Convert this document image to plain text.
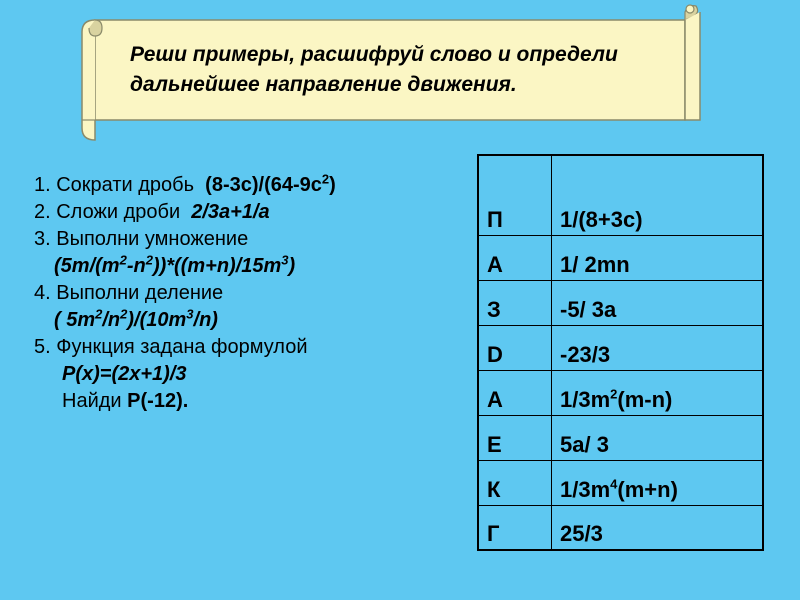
Реши примеры, расшифруй слово и определи
дальнейшее направление движения.
1. Сократи дробь $(8-3c)/(64-9c^2)$
2. Сложи дроби 2/3a+1/a
3. Выполни умножение
$(5m/(m^2-n^2))*((m+n)/15m^3)$
4. Выполни деление
( $5m^2/n^2)/(10m^3/n)$
5. Функция задана формулой
P(x)=(2x+1)/3
Найди P(-12).
П	1/(8+3c)
А	1/ 2mn
З	-5/ 3a
D	-23/3
А	$1/3m^2(m-n)$
Е	5a/ 3
К	$1/3m^4(m+n)$
Г	25/3
